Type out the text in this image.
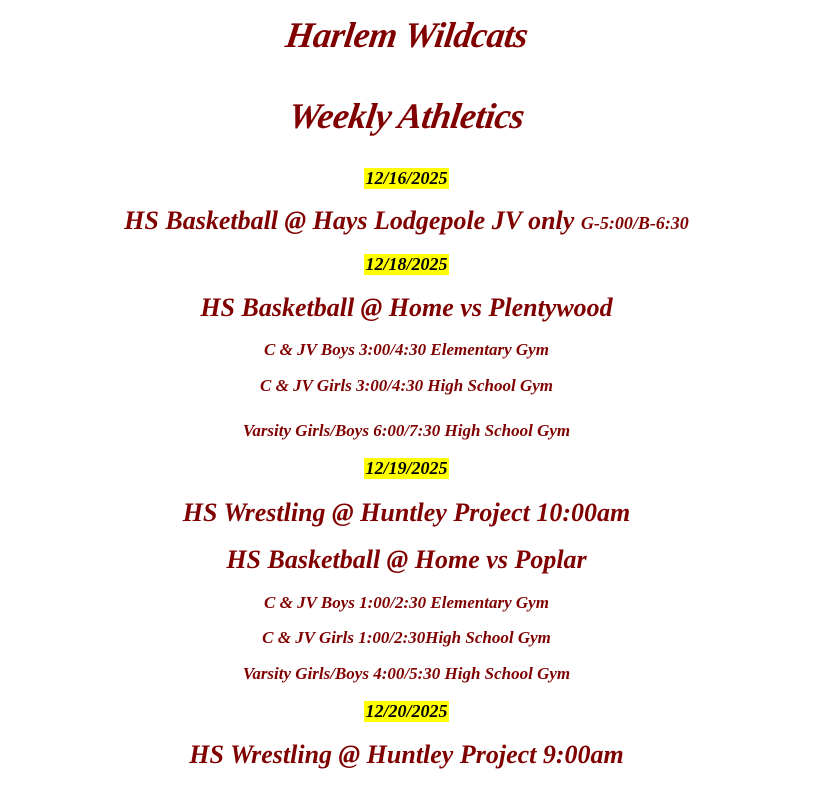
Harlem Wildcats
Weekly Athletics
12/16/2025
HS Basketball @ Hays Lodgepole JV only G-5:00/B-6:30
12/18/2025
HS Basketball @ Home vs Plentywood
C & JV Boys 3:00/4:30 Elementary Gym
C & JV Girls 3:00/4:30 High School Gym
Varsity Girls/Boys 6:00/7:30 High School Gym
12/19/2025
HS Wrestling @ Huntley Project 10:00am
HS Basketball @ Home vs Poplar
C & JV Boys 1:00/2:30 Elementary Gym
C & JV Girls 1:00/2:30High School Gym
Varsity Girls/Boys 4:00/5:30 High School Gym
12/20/2025
HS Wrestling @ Huntley Project 9:00am
